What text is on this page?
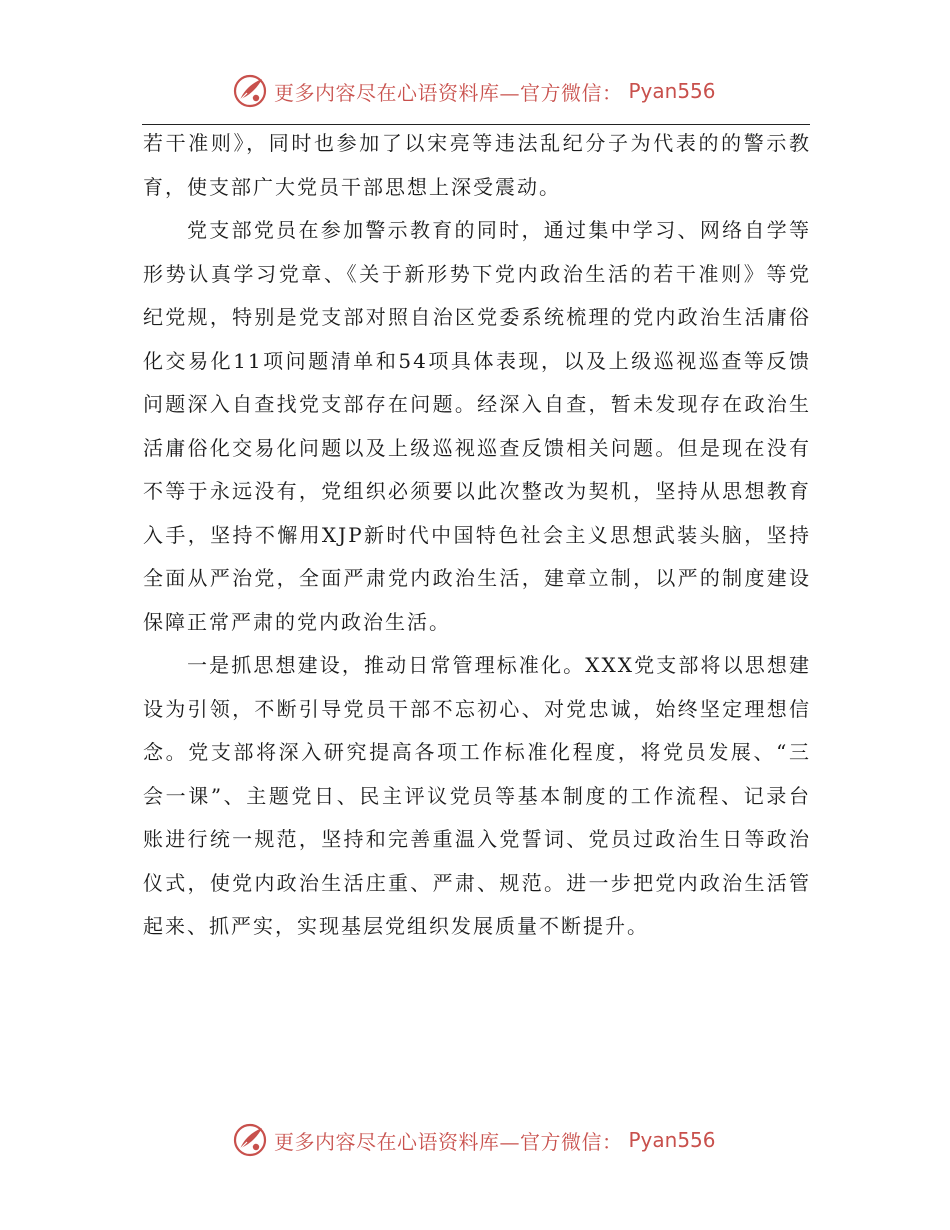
更多内容尽在心语资料库—官方微信： Pyan556

若干准则》，同时也参加了以宋亮等违法乱纪分子为代表的的警示教育，使支部广大党员干部思想上深受震动。

党支部党员在参加警示教育的同时，通过集中学习、网络自学等形势认真学习党章、《关于新形势下党内政治生活的若干准则》等党纪党规，特别是党支部对照自治区党委系统梳理的党内政治生活庸俗化交易化11项问题清单和54项具体表现，以及上级巡视巡查等反馈问题深入自查找党支部存在问题。经深入自查，暂未发现存在政治生活庸俗化交易化问题以及上级巡视巡查反馈相关问题。但是现在没有不等于永远没有，党组织必须要以此次整改为契机，坚持从思想教育入手，坚持不懈用XJP新时代中国特色社会主义思想武装头脑，坚持全面从严治党，全面严肃党内政治生活，建章立制，以严的制度建设保障正常严肃的党内政治生活。

一是抓思想建设，推动日常管理标准化。XXX党支部将以思想建设为引领，不断引导党员干部不忘初心、对党忠诚，始终坚定理想信念。党支部将深入研究提高各项工作标准化程度，将党员发展、“三会一课”、主题党日、民主评议党员等基本制度的工作流程、记录台账进行统一规范，坚持和完善重温入党誓词、党员过政治生日等政治仪式，使党内政治生活庄重、严肃、规范。进一步把党内政治生活管起来、抓严实，实现基层党组织发展质量不断提升。

更多内容尽在心语资料库—官方微信： Pyan556
